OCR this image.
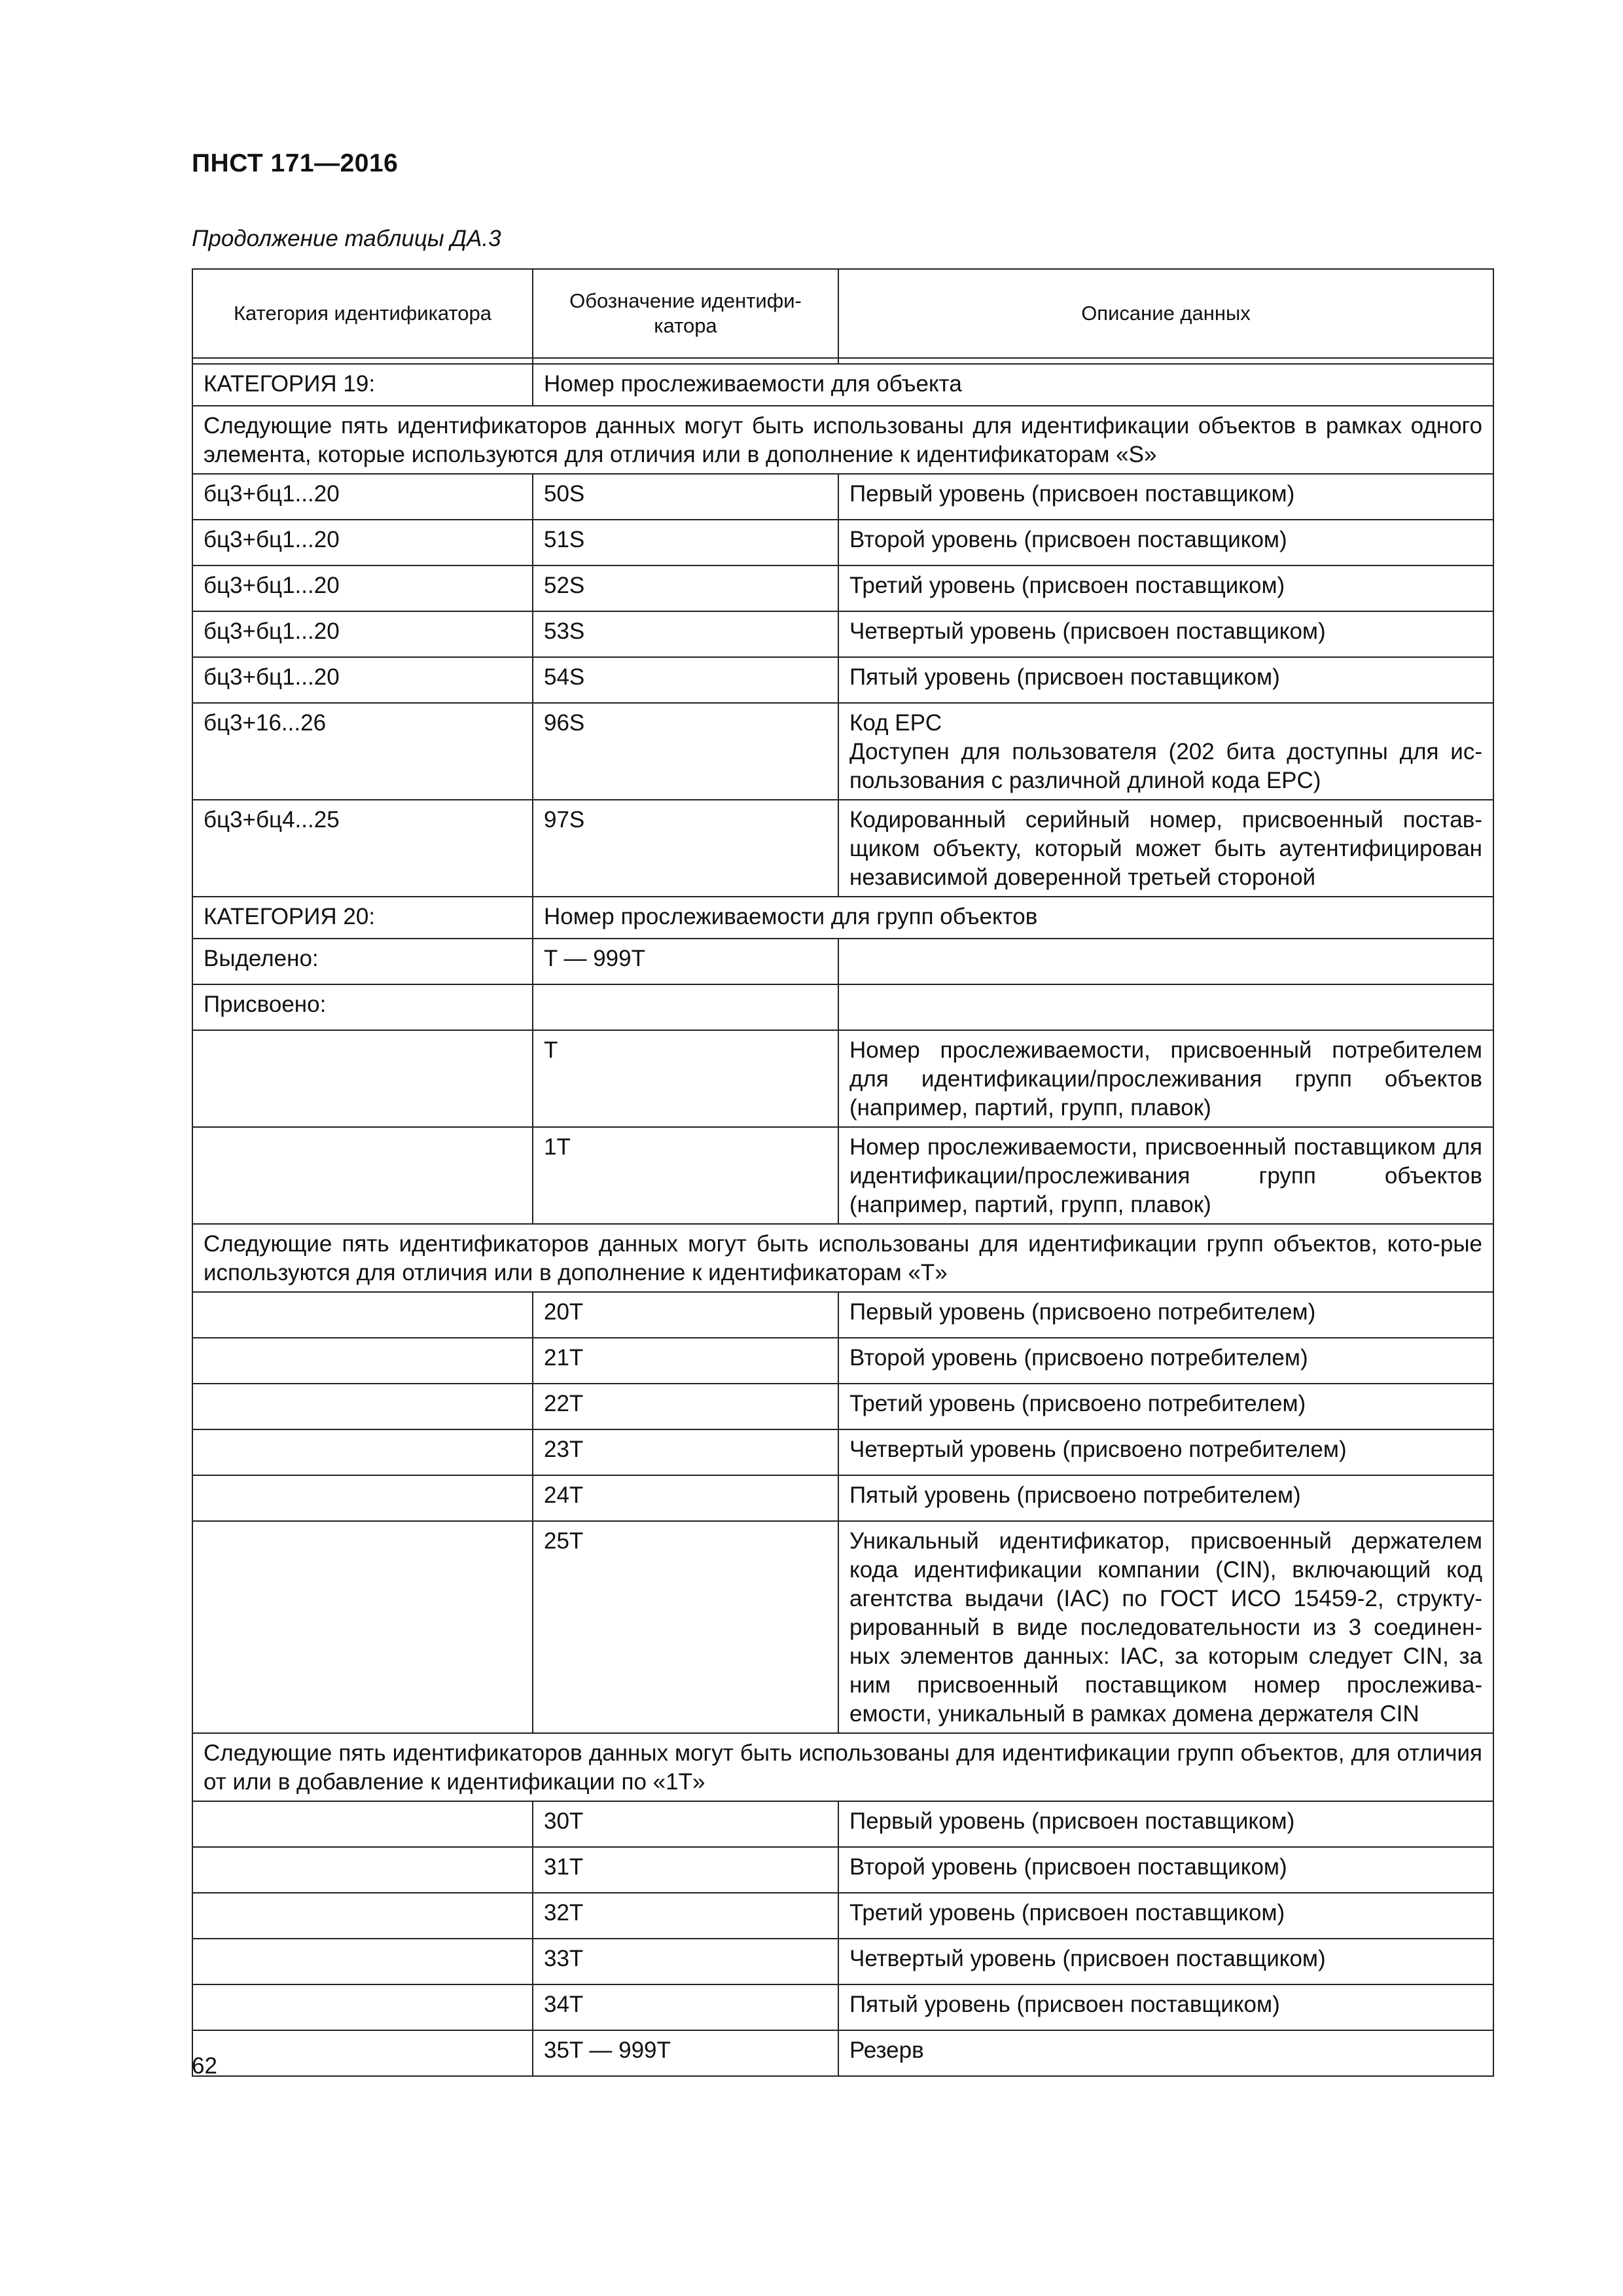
ПНСТ 171—2016
Продолжение таблицы ДА.3
Категория идентификатора	Обозначение идентифи-катора	Описание данных

КАТЕГОРИЯ 19:	Номер прослеживаемости для объекта	
Следующие пять идентификаторов данных могут быть использованы для идентификации объектов в рамках одного элемента, которые используются для отличия или в дополнение к идентификаторам «S»		
бц3+бц1...20	50S	Первый уровень (присвоен поставщиком)
бц3+бц1...20	51S	Второй уровень (присвоен поставщиком)
бц3+бц1...20	52S	Третий уровень (присвоен поставщиком)
бц3+бц1...20	53S	Четвертый уровень (присвоен поставщиком)
бц3+бц1...20	54S	Пятый уровень (присвоен поставщиком)
бц3+16...26	96S	Код EPC
Доступен для пользователя (202 бита доступны для ис-пользования с различной длиной кода EPC)
бц3+бц4...25	97S	Кодированный серийный номер, присвоенный постав-щиком объекту, который может быть аутентифицирован независимой доверенной третьей стороной
КАТЕГОРИЯ 20:	Номер прослеживаемости для групп объектов	
Выделено:	T — 999T	
Присвоено:		
	T	Номер прослеживаемости, присвоенный потребителем для идентификации/прослеживания групп объектов (например, партий, групп, плавок)
	1T	Номер прослеживаемости, присвоенный поставщиком для идентификации/прослеживания групп объектов (например, партий, групп, плавок)
Следующие пять идентификаторов данных могут быть использованы для идентификации групп объектов, кото-рые используются для отличия или в дополнение к идентификаторам «T»		
	20T	Первый уровень (присвоено потребителем)
	21T	Второй уровень (присвоено потребителем)
	22T	Третий уровень (присвоено потребителем)
	23T	Четвертый уровень (присвоено потребителем)
	24T	Пятый уровень (присвоено потребителем)
	25T	Уникальный идентификатор, присвоенный держателем кода идентификации компании (CIN), включающий код агентства выдачи (IAC) по ГОСТ ИСО 15459-2, структу-рированный в виде последовательности из 3 соединен-ных элементов данных: IAC, за которым следует CIN, за ним присвоенный поставщиком номер прослежива-емости, уникальный в рамках домена держателя CIN
Следующие пять идентификаторов данных могут быть использованы для идентификации групп объектов, для отличия от или в добавление к идентификации по «1T»		
	30T	Первый уровень (присвоен поставщиком)
	31T	Второй уровень (присвоен поставщиком)
	32T	Третий уровень (присвоен поставщиком)
	33T	Четвертый уровень (присвоен поставщиком)
	34T	Пятый уровень (присвоен поставщиком)
	35T — 999T	Резерв
62
